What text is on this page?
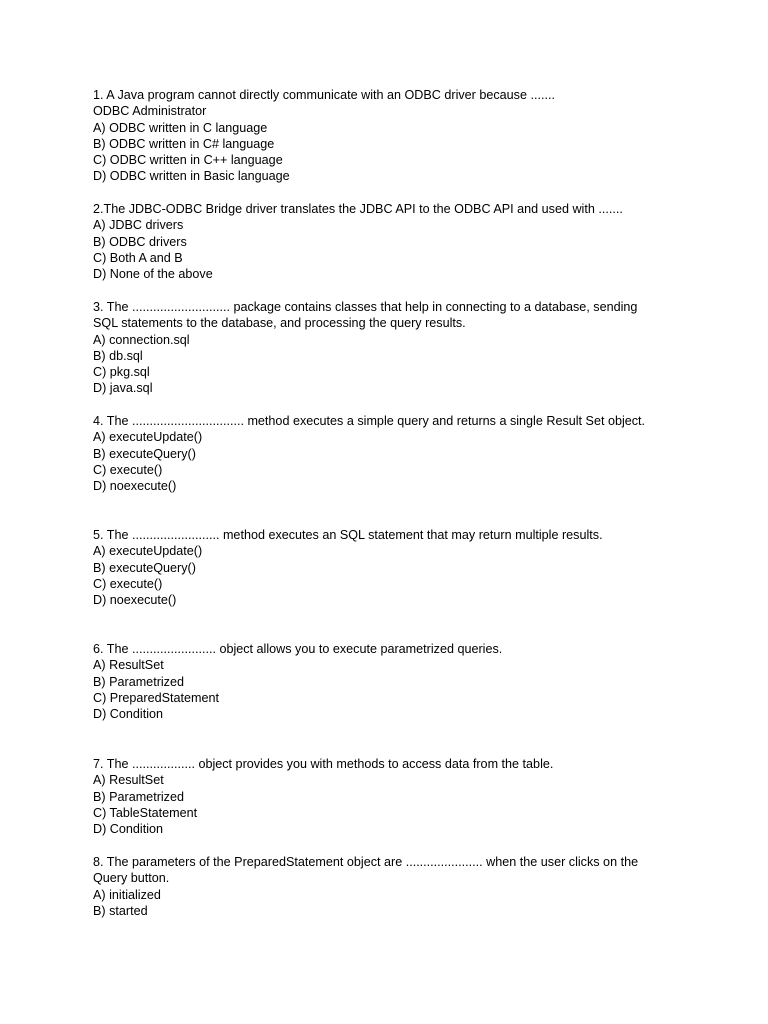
1. A Java program cannot directly communicate with an ODBC driver because .......
ODBC Administrator
A) ODBC written in C language
B) ODBC written in C# language
C) ODBC written in C++ language
D) ODBC written in Basic language
2.The JDBC-ODBC Bridge driver translates the JDBC API to the ODBC API and used with .......
A) JDBC drivers
B) ODBC drivers
C) Both A and B
D) None of the above
3. The ............................ package contains classes that help in connecting to a database, sending
SQL statements to the database, and processing the query results.
A) connection.sql
B) db.sql
C) pkg.sql
D) java.sql
4. The ................................ method executes a simple query and returns a single Result Set object.
A) executeUpdate()
B) executeQuery()
C) execute()
D) noexecute()
5. The ......................... method executes an SQL statement that may return multiple results.
A) executeUpdate()
B) executeQuery()
C) execute()
D) noexecute()
6. The ........................ object allows you to execute parametrized queries.
A) ResultSet
B) Parametrized
C) PreparedStatement
D) Condition
7. The .................. object provides you with methods to access data from the table.
A) ResultSet
B) Parametrized
C) TableStatement
D) Condition
8. The parameters of the PreparedStatement object are ...................... when the user clicks on the
Query button.
A) initialized
B) started
